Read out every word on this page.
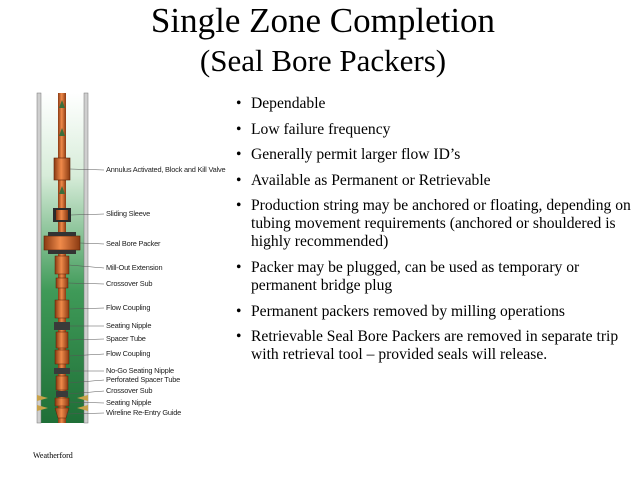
Single Zone Completion
(Seal Bore Packers)
Annulus Activated, Block and Kill Valve
Sliding Sleeve
Seal Bore Packer
Mill-Out Extension
Crossover Sub
Flow Coupling
Seating Nipple
Spacer Tube
Flow Coupling
No-Go Seating Nipple
Perforated Spacer Tube
Crossover Sub
Seating Nipple
Wireline Re-Entry Guide
• Dependable
• Low failure frequency
• Generally permit larger flow ID’s
• Available as Permanent or Retrievable
• Production string may be anchored or floating, depending on tubing movement requirements (anchored or shouldered is highly recommended)
• Packer may be plugged, can be used as temporary or permanent bridge plug
• Permanent packers removed by milling operations
• Retrievable Seal Bore Packers are removed in separate trip with retrieval tool – provided seals will release.
Weatherford
